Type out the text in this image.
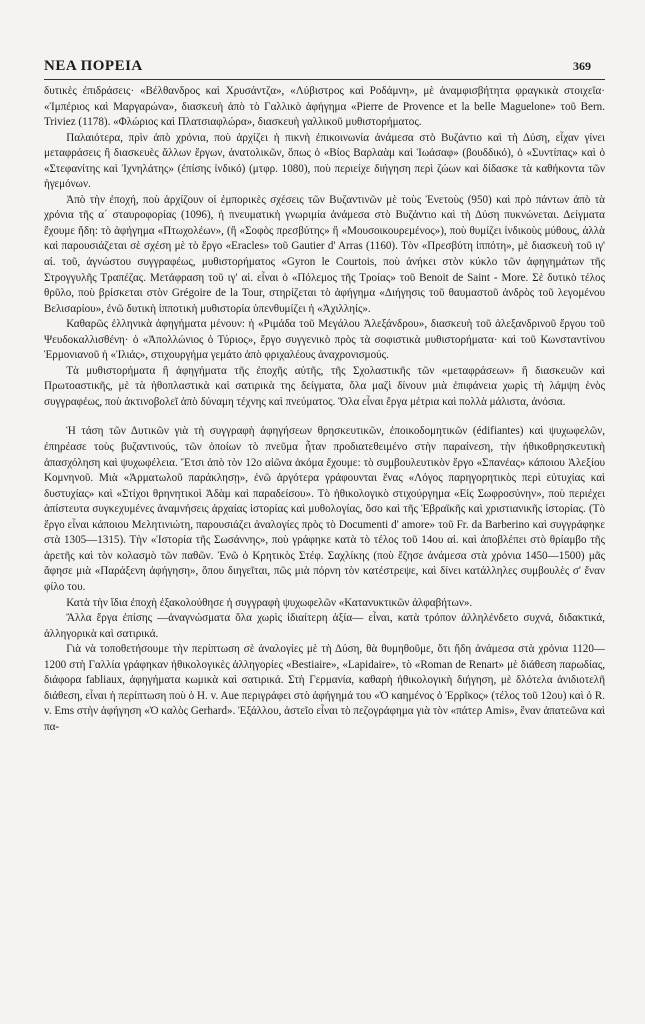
ΝΕΑ ΠΟΡΕΙΑ	369

δυτικὲς ἐπιδράσεις· «Βέλθανδρος καὶ Χρυσάντζα», «Λύβιστρος καὶ Ροδάμνη», μὲ ἀναμφισβήτητα φραγκικὰ στοιχεῖα· «Ἰμπέριος καὶ Μαργαρώνα», διασκευὴ ἀπὸ τὸ Γαλλικὸ ἀφήγημα «Pierre de Provence et la belle Maguelone» τοῦ Bern. Triviez (1178). «Φλώριος καὶ Πλατσιαφλώρα», διασκευὴ γαλλικοῦ μυθιστορήματος.

Παλαιότερα, πρὶν ἀπὸ χρόνια, ποὺ ἀρχίζει ἡ πικνὴ ἐπικοινωνία ἀνάμεσα στὸ Βυζάντιο καὶ τὴ Δύση, εἶχαν γίνει μεταφράσεις ἢ διασκευὲς ἄλλων ἔργων, ἀνατολικῶν, ὅπως ὁ «Βίος Βαρλαὰμ καὶ Ἰωάσαφ» (βουδδικό), ὁ «Συντίπας» καὶ ὁ «Στεφανίτης καὶ Ἰχνηλάτης» (ἐπίσης ἰνδικό) (μτφρ. 1080), ποὺ περιείχε διήγηση περὶ ζώων καὶ δίδασκε τὰ καθήκοντα τῶν ἡγεμόνων.

Ἀπὸ τὴν ἐποχή, ποὺ ἀρχίζουν οἱ ἐμπορικὲς σχέσεις τῶν Βυζαντινῶν μὲ τοὺς Ἐνετοὺς (950) καὶ πρὸ πάντων ἀπὸ τὰ χρόνια τῆς α΄ σταυροφορίας (1096), ἡ πνευματικὴ γνωριμία ἀνάμεσα στὸ Βυζάντιο καὶ τὴ Δύση πυκνώνεται. Δείγματα ἔχουμε ἤδη: τὸ ἀφήγημα «Πτωχολέων», (ἢ «Σοφὸς πρεσβύτης» ἢ «Μουσοικουρεμένος»), ποὺ θυμίζει ἰνδικοὺς μύθους, ἀλλὰ καὶ παρουσιάζεται σὲ σχέση μὲ τὸ ἔργο «Eracles» τοῦ Gautier d' Arras (1160). Τὸν «Πρεσβύτη ἱππότη», μὲ διασκευὴ τοῦ ιγ' αἰ. τοῦ, ἀγνώστου συγγραφέως, μυθιστορήματος «Gyron le Courtois, ποὺ ἀνήκει στὸν κύκλο τῶν ἀφηγημάτων τῆς Στρογγυλῆς Τραπέζας. Μετάφραση τοῦ ιγ' αἰ. εἶναι ὁ «Πόλεμος τῆς Τροίας» τοῦ Benoit de Saint - More. Σὲ δυτικὸ τέλος θρῦλο, ποὺ βρίσκεται στὸν Grégoire de la Tour, στηρίζεται τὸ ἀφήγημα «Διήγησις τοῦ θαυμαστοῦ ἀνδρὸς τοῦ λεγομένου Βελισαρίου», ἐνῶ δυτικὴ ἱπποτικὴ μυθιστορία ὑπενθυμίζει ἡ «Ἀχιλληίς».

Καθαρῶς ἑλληνικὰ ἀφηγήματα μένουν: ἡ «Ριμάδα τοῦ Μεγάλου Ἀλεξάνδρου», διασκευὴ τοῦ ἀλεξανδρινοῦ ἔργου τοῦ Ψευδοκαλλισθένη· ὁ «Ἀπολλώνιος ὁ Τύριος», ἔργο συγγενικὸ πρὸς τὰ σοφιστικὰ μυθιστορήματα· καὶ τοῦ Κωνσταντίνου Ἑρμονιανοῦ ἡ «Ἰλιάς», στιχουργήμα γεμάτο ἀπὸ φριχαλέους ἀναχρονισμούς.

Τὰ μυθιστορήματα ἢ ἀφηγήματα τῆς ἐποχῆς αὐτῆς, τῆς Σχολαστικῆς τῶν «μεταφράσεων» ἢ διασκευῶν καὶ Πρωτοαστικῆς, μὲ τὰ ἠθοπλαστικὰ καὶ σατιρικὰ της δείγματα, ὅλα μαζὶ δίνουν μιὰ ἐπιφάνεια χωρὶς τὴ λάμψη ἑνὸς συγγραφέως, ποὺ ἀκτινοβολεῖ ἀπὸ δύναμη τέχνης καὶ πνεύματος. Ὅλα εἶναι ἔργα μέτρια καὶ πολλὰ μάλιστα, ἀνόσια.

Ἡ τάση τῶν Δυτικῶν γιὰ τὴ συγγραφὴ ἀφηγήσεων θρησκευτικῶν, ἐποικοδομητικῶν (édifiantes) καὶ ψυχωφελῶν, ἐπηρέασε τοὺς βυζαντινούς, τῶν ὁποίων τὸ πνεῦμα ἦταν προδιατεθειμένο στὴν παραίνεση, τὴν ἠθικοθρησκευτικὴ ἀπασχόληση καὶ ψυχωφέλεια. Ἔτσι ἀπὸ τὸν 12ο αἰῶνα ἀκόμα ἔχουμε: τὸ συμβουλευτικὸν ἔργο «Σπανέας» κάποιου Ἀλεξίου Κομνηνοῦ. Μιὰ «Ἁρματωλοῦ παράκλησῃ», ἐνῶ ἀργότερα γράφουνται ἕνας «Λόγος παρηγορητικὸς περὶ εὐτυχίας καὶ δυστυχίας» καὶ «Στίχοι θρηνητικοὶ Ἀδὰμ καὶ παραδείσου». Τὸ ἠθικολογικὸ στιχούργημα «Εἰς Σωφροσύνην», ποὺ περιέχει ἀπίστευτα συγκεχυμένες ἀναμνήσεις ἀρχαίας ἱστορίας καὶ μυθολογίας, ὅσο καὶ τῆς Ἑβραϊκῆς καὶ χριστιανικῆς ἱστορίας. (Τὸ ἔργο εἶναι κάποιου Μελητινιώτη, παρουσιάζει ἀναλογίες πρὸς τὸ Documenti d' amore» τοῦ Fr. da Barberino καὶ συγγράφηκε στὰ 1305—1315). Τὴν «Ἱστορία τῆς Σωσάννης», ποὺ γράφηκε κατὰ τὸ τέλος τοῦ 14ου αἰ. καὶ ἀποβλέπει στὸ θρίαμβο τῆς ἀρετῆς καὶ τὸν κολασμὸ τῶν παθῶν. Ἐνῶ ὁ Κρητικὸς Στέφ. Σαχλίκης (ποὺ ἔζησε ἀνάμεσα στὰ χρόνια 1450—1500) μᾶς ἄφησε μιὰ «Παράξενη ἀφήγηση», ὅπου διηγεῖται, πῶς μιὰ πόρνη τὸν κατέστρεψε, καὶ δίνει κατάλληλες συμβουλὲς σ' ἕναν φίλο του.

Κατὰ τὴν ἴδια ἐποχὴ ἐξακολούθησε ἡ συγγραφὴ ψυχωφελῶν «Κατανυκτικῶν ἀλφαβήτων».

Ἄλλα ἔργα ἐπίσης —ἀναγνώσματα ὅλα χωρὶς ἰδιαίτερη ἀξία— εἶναι, κατὰ τρόπον ἀλληλένδετο συχνά, διδακτικά, ἀλληγορικὰ καὶ σατιρικά.

Γιὰ νὰ τοποθετήσουμε τὴν περίπτωση σὲ ἀναλογίες μὲ τὴ Δύση, θὰ θυμηθοῦμε, ὅτι ἤδη ἀνάμεσα στὰ χρόνια 1120—1200 στὴ Γαλλία γράφηκαν ἠθικολογικὲς ἀλληγορίες «Bestiaire», «Lapidaire», τὸ «Roman de Renart» μὲ διάθεση παρωδίας, διάφορα fabliaux, ἀφηγήματα κωμικὰ καὶ σατιρικά. Στὴ Γερμανία, καθαρὴ ἠθικολογικὴ διήγηση, μὲ δλότελα ἀνιδιοτελῆ διάθεση, εἶναι ἡ περίπτωση ποὺ ὁ H. v. Aue περιγράφει στὸ ἀφήγημά του «Ὁ καημένος ὁ Ἑρρῖκος» (τέλος τοῦ 12ου) καὶ ὁ R. v. Ems στὴν ἀφήγηση «Ὁ καλὸς Gerhard». Ἐξάλλου, ἀστεῖο εἶναι τὸ πεζογράφημα γιὰ τὸν «πάτερ Amis», ἕναν ἀπατεῶνα καὶ πα-
